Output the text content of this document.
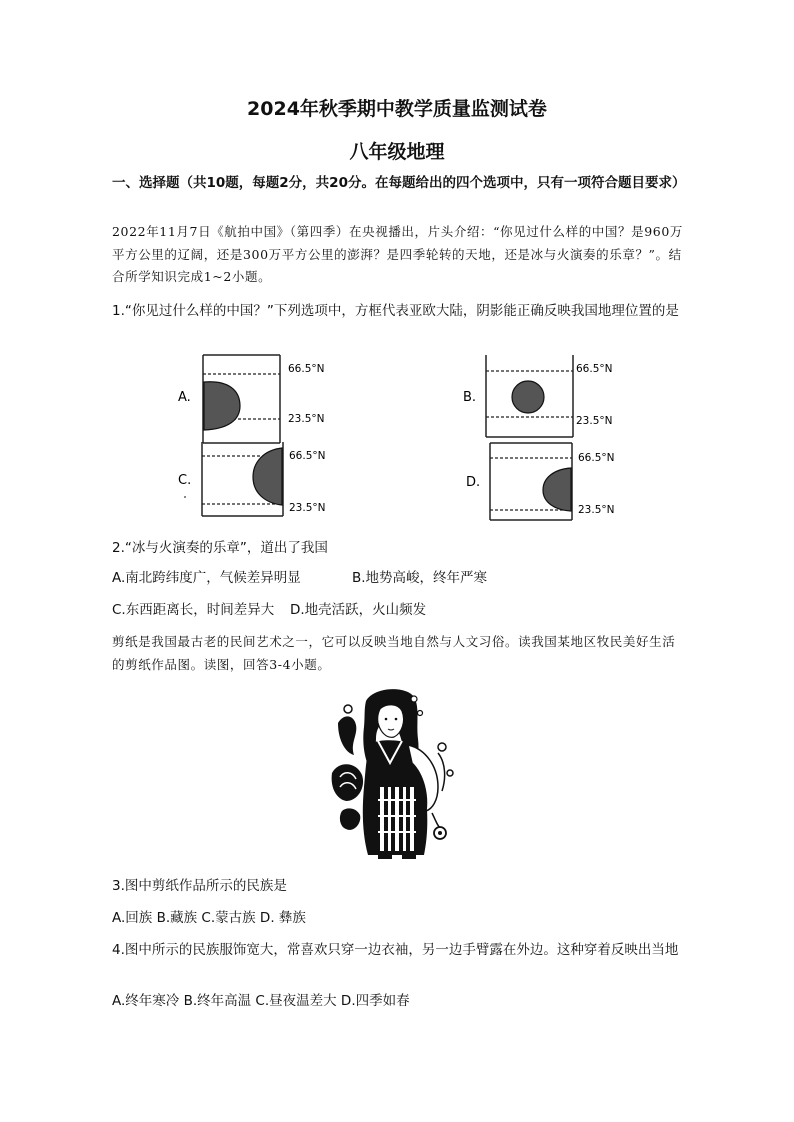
2024年秋季期中教学质量监测试卷
八年级地理
一、选择题（共10题，每题2分，共20分。在每题给出的四个选项中，只有一项符合题目要求）
2022年11月7日《航拍中国》（第四季）在央视播出，片头介绍：“你见过什么样的中国？是960万平方公里的辽阔，还是300万平方公里的澎湃？是四季轮转的天地，还是冰与火演奏的乐章？”。结合所学知识完成1~2小题。
1.“你见过什么样的中国？”下列选项中，方框代表亚欧大陆，阴影能正确反映我国地理位置的是
A.
66.5°N
23.5°N
B.
66.5°N
23.5°N
C.
66.5°N
23.5°N
D.
66.5°N
23.5°N
2.“冰与火演奏的乐章”，道出了我国
A.南北跨纬度广，气候差异明显	B.地势高峻，终年严寒
C.东西距离长，时间差异大 D.地壳活跃，火山频发
剪纸是我国最古老的民间艺术之一，它可以反映当地自然与人文习俗。读我国某地区牧民美好生活的剪纸作品图。读图，回答3-4小题。
3.图中剪纸作品所示的民族是
A.回族 B.藏族 C.蒙古族 D. 彝族
4.图中所示的民族服饰宽大，常喜欢只穿一边衣袖，另一边手臂露在外边。这种穿着反映出当地
A.终年寒冷 B.终年高温 C.昼夜温差大 D.四季如春
